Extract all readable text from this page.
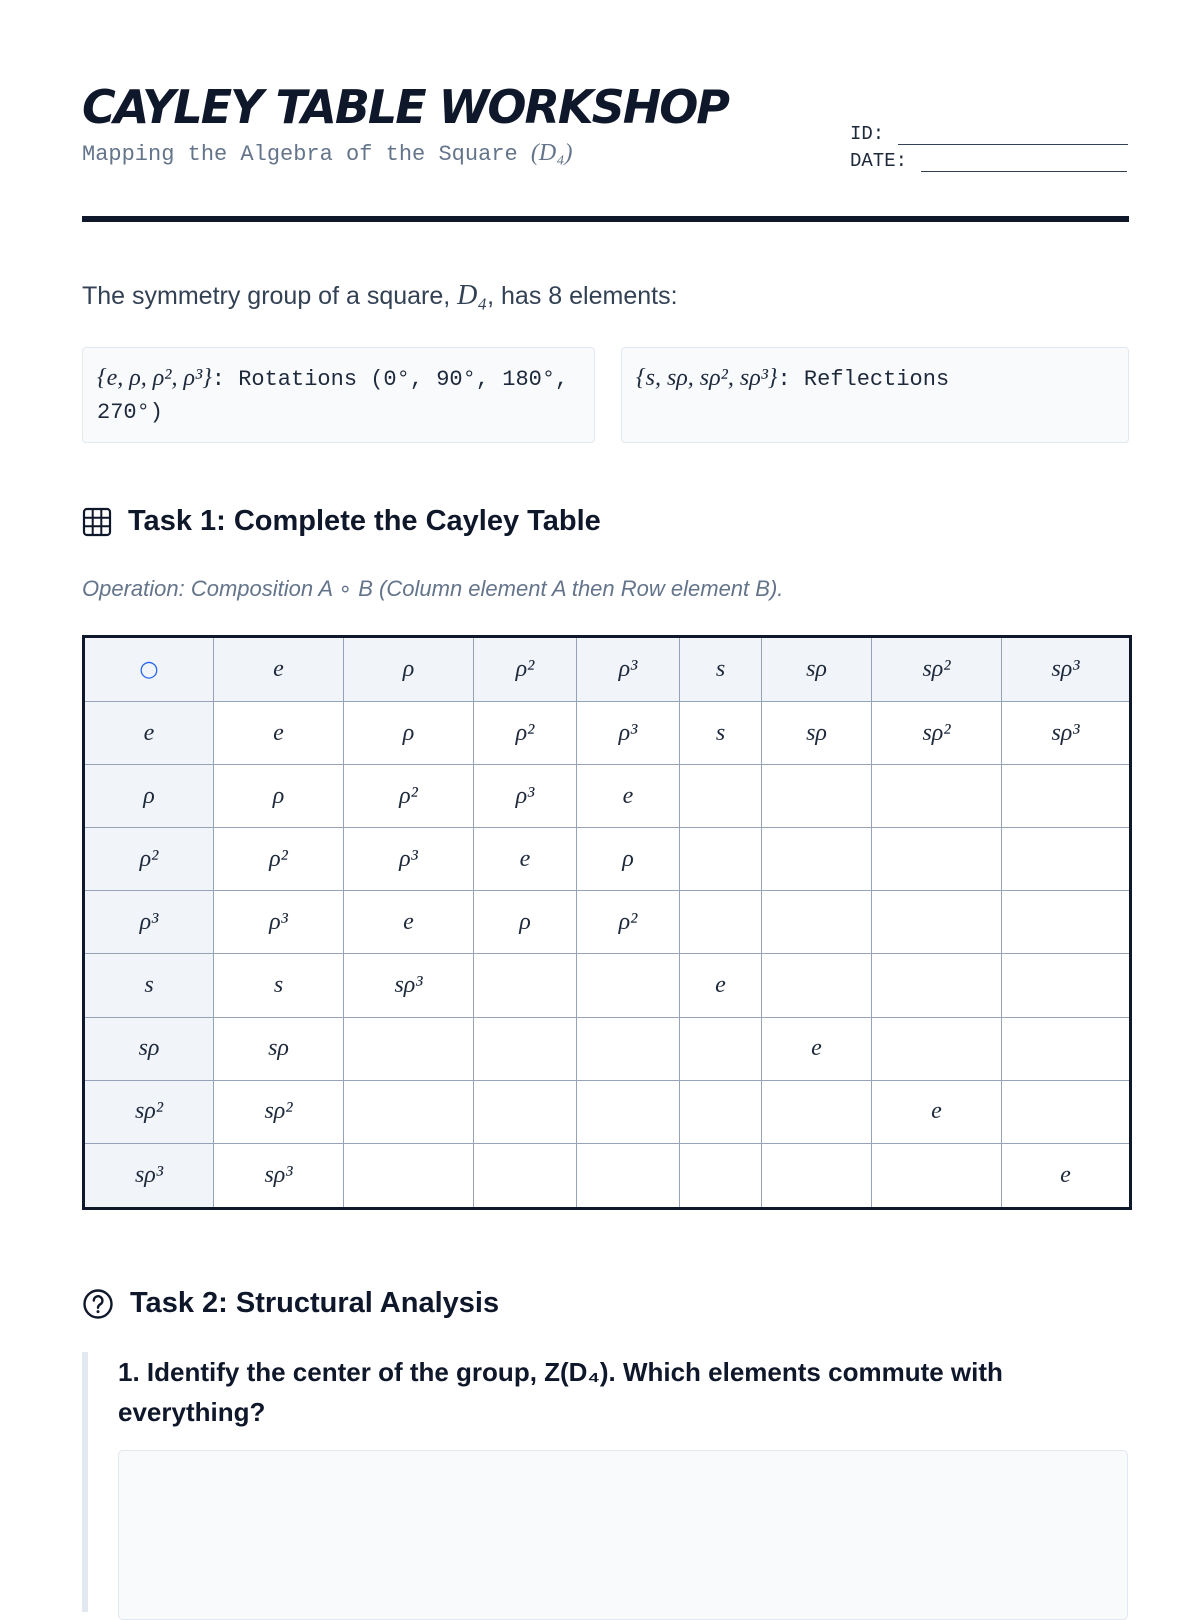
CAYLEY TABLE WORKSHOP
Mapping the Algebra of the Square (D₄)
ID:
DATE:
The symmetry group of a square, D₄, has 8 elements:
{e, ρ, ρ², ρ³}: Rotations (0°, 90°, 180°, 270°)
{s, sρ, sρ², sρ³}: Reflections
Task 1: Complete the Cayley Table
Operation: Composition A ∘ B (Column element A then Row element B).
○	e	ρ	ρ²	ρ³	s	sρ	sρ²	sρ³
e	e	ρ	ρ²	ρ³	s	sρ	sρ²	sρ³
ρ	ρ	ρ²	ρ³	e				
ρ²	ρ²	ρ³	e	ρ				
ρ³	ρ³	e	ρ	ρ²				
s	s	sρ³			e			
sρ	sρ					e		
sρ²	sρ²						e	
sρ³	sρ³							e
Task 2: Structural Analysis
1. Identify the center of the group, Z(D₄). Which elements commute with everything?
